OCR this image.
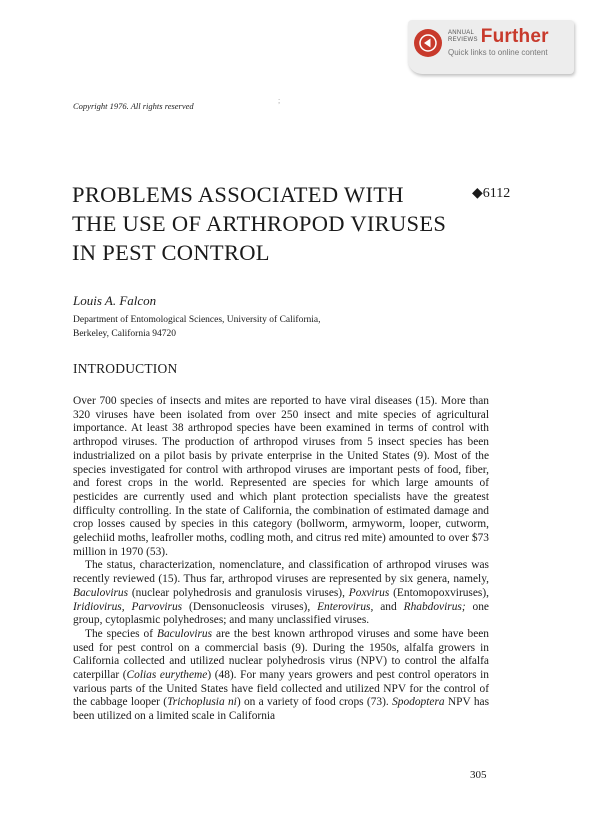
ANNUAL
REVIEWS Further
Quick links to online content
Copyright 1976. All rights reserved
;
PROBLEMS ASSOCIATED WITH
THE USE OF ARTHROPOD VIRUSES
IN PEST CONTROL
◆6112
Louis A. Falcon
Department of Entomological Sciences, University of California,
Berkeley, California 94720
INTRODUCTION

Over 700 species of insects and mites are reported to have viral diseases (15). More than 320 viruses have been isolated from over 250 insect and mite species of agricultural importance. At least 38 arthropod species have been examined in terms of control with arthropod viruses. The production of arthropod viruses from 5 insect species has been industrialized on a pilot basis by private enterprise in the United States (9). Most of the species investigated for control with arthropod viruses are important pests of food, fiber, and forest crops in the world. Represented are species for which large amounts of pesticides are currently used and which plant protection specialists have the greatest difficulty controlling. In the state of California, the combination of estimated damage and crop losses caused by species in this category (bollworm, armyworm, looper, cutworm, gelechiid moths, leafroller moths, codling moth, and citrus red mite) amounted to over $73 million in 1970 (53).

The status, characterization, nomenclature, and classification of arthropod viruses was recently reviewed (15). Thus far, arthropod viruses are represented by six genera, namely, Baculovirus (nuclear polyhedrosis and granulosis viruses), Poxvirus (Entomopoxviruses), Iridiovirus, Parvovirus (Densonucleosis viruses), Enterovirus, and Rhabdovirus; one group, cytoplasmic polyhedroses; and many unclassified viruses.

The species of Baculovirus are the best known arthropod viruses and some have been used for pest control on a commercial basis (9). During the 1950s, alfalfa growers in California collected and utilized nuclear polyhedrosis virus (NPV) to control the alfalfa caterpillar (Colias eurytheme) (48). For many years growers and pest control operators in various parts of the United States have field collected and utilized NPV for the control of the cabbage looper (Trichoplusia ni) on a variety of food crops (73). Spodoptera NPV has been utilized on a limited scale in California

305
